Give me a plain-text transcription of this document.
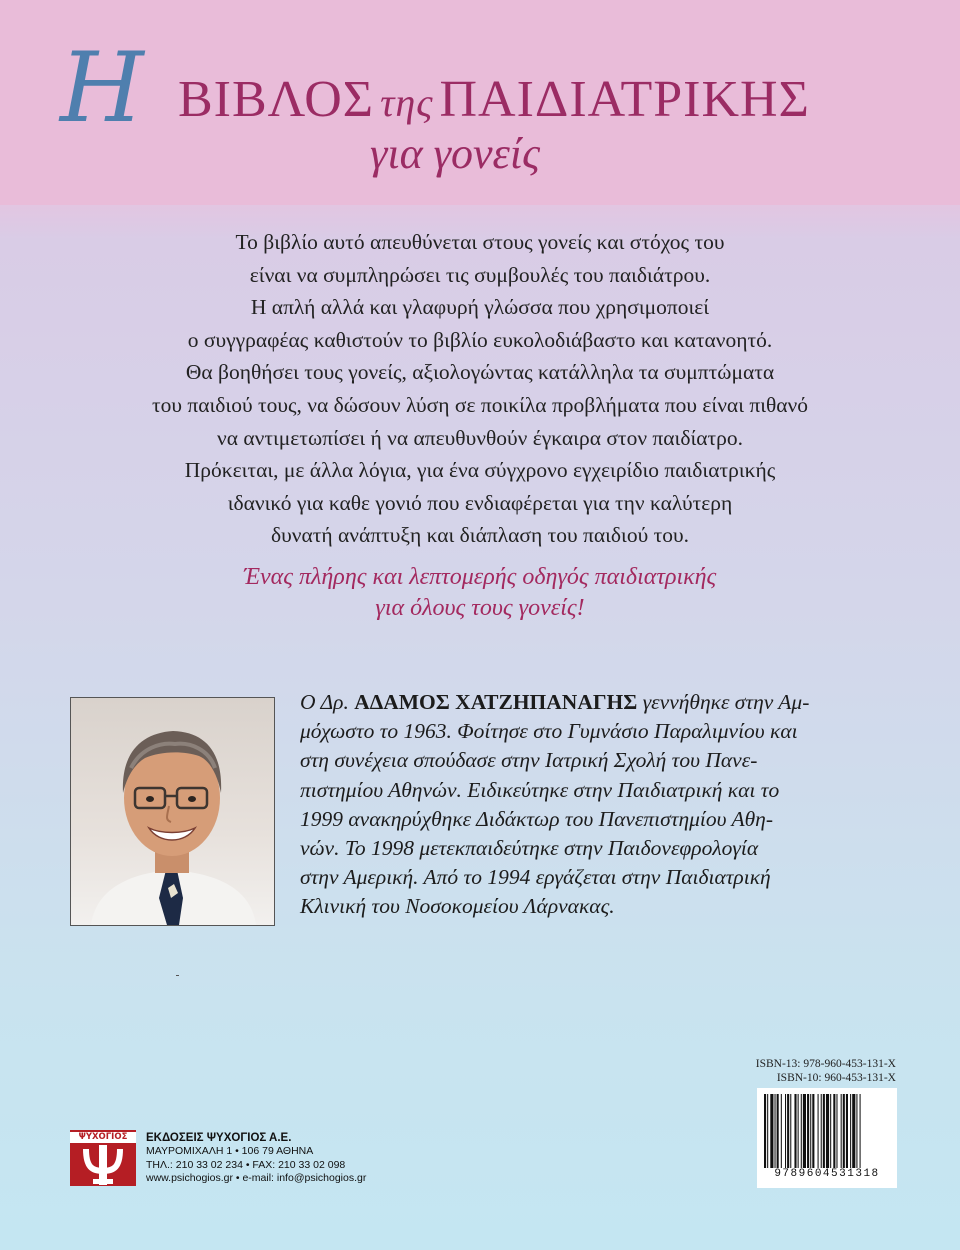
Η ΒΙΒΛΟΣ της ΠΑΙΔΙΑΤΡΙΚΗΣ
για γονείς
Το βιβλίο αυτό απευθύνεται στους γονείς και στόχος του
είναι να συμπληρώσει τις συμβουλές του παιδιάτρου.
Η απλή αλλά και γλαφυρή γλώσσα που χρησιμοποιεί
ο συγγραφέας καθιστούν το βιβλίο ευκολοδιάβαστο και κατανοητό.
Θα βοηθήσει τους γονείς, αξιολογώντας κατάλληλα τα συμπτώματα
του παιδιού τους, να δώσουν λύση σε ποικίλα προβλήματα που είναι πιθανό
να αντιμετωπίσει ή να απευθυνθούν έγκαιρα στον παιδίατρο.
Πρόκειται, με άλλα λόγια, για ένα σύγχρονο εγχειρίδιο παιδιατρικής
ιδανικό για καθε γονιό που ενδιαφέρεται για την καλύτερη
δυνατή ανάπτυξη και διάπλαση του παιδιού του.
Ένας πλήρης και λεπτομερής οδηγός παιδιατρικής
για όλους τους γονείς!
Ο Δρ. ΑΔΑΜΟΣ ΧΑΤΖΗΠΑΝΑΓΗΣ γεννήθηκε στην Αμ-
μόχωστο το 1963. Φοίτησε στο Γυμνάσιο Παραλιμνίου και
στη συνέχεια σπούδασε στην Ιατρική Σχολή του Πανε-
πιστημίου Αθηνών. Ειδικεύτηκε στην Παιδιατρική και το
1999 ανακηρύχθηκε Διδάκτωρ του Πανεπιστημίου Αθη-
νών. Το 1998 μετεκπαιδεύτηκε στην Παιδονεφρολογία
στην Αμερική. Από το 1994 εργάζεται στην Παιδιατρική
Κλινική του Νοσοκομείου Λάρνακας.
ISBN-13: 978-960-453-131-X
ISBN-10: 960-453-131-X
9789604531318
ΨΥΧΟΓΙΟΣ	ΕΚΔΟΣΕΙΣ ΨΥΧΟΓΙΟΣ Α.Ε.
ΜΑΥΡΟΜΙΧΑΛΗ 1 • 106 79 ΑΘΗΝΑ
ΤΗΛ.: 210 33 02 234 • FAX: 210 33 02 098
www.psichogios.gr • e-mail: info@psichogios.gr
